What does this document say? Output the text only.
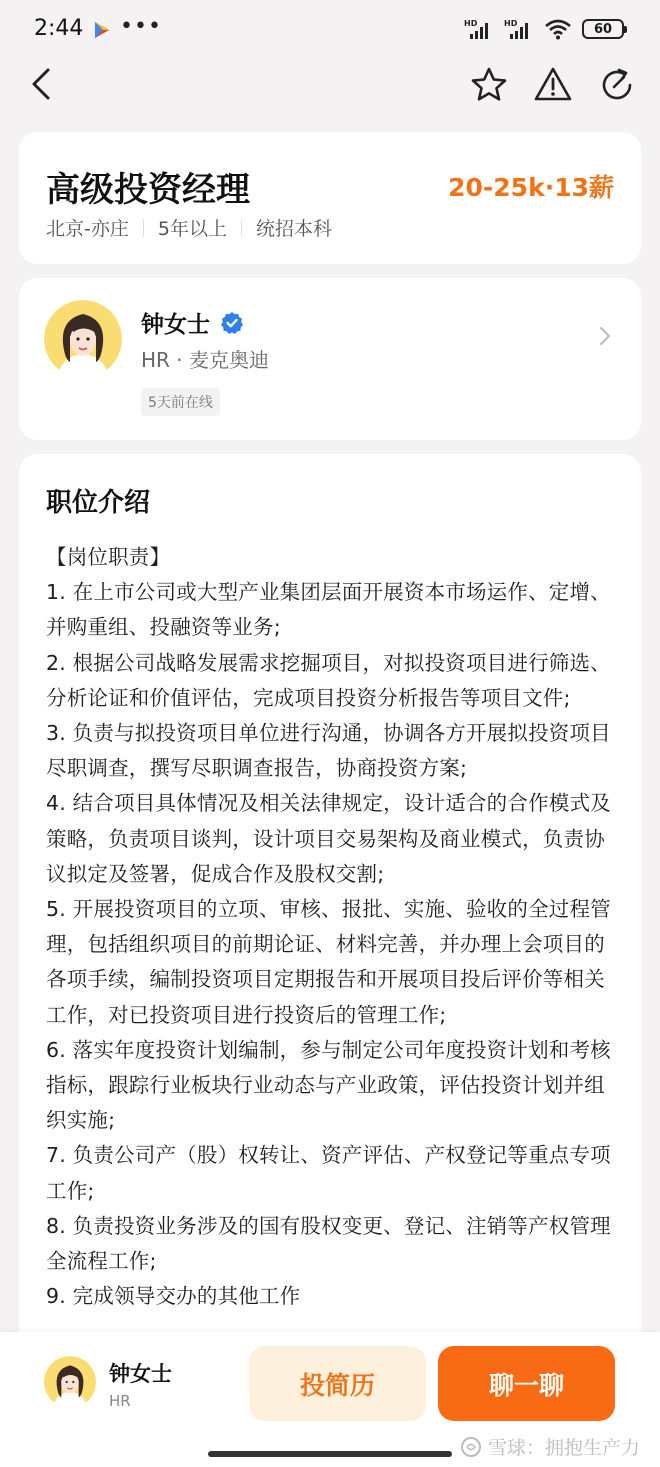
2:44 •••	HD	HD	60
高级投资经理	20-25k·13薪
北京-亦庄 5年以上 统招本科
钟女士
HR · 麦克奥迪
5天前在线
职位介绍

【岗位职责】

1. 在上市公司或大型产业集团层面开展资本市场运作、定增、并购重组、投融资等业务;

2. 根据公司战略发展需求挖掘项目，对拟投资项目进行筛选、分析论证和价值评估，完成项目投资分析报告等项目文件;

3. 负责与拟投资项目单位进行沟通，协调各方开展拟投资项目尽职调查，撰写尽职调查报告，协商投资方案;

4. 结合项目具体情况及相关法律规定，设计适合的合作模式及策略，负责项目谈判，设计项目交易架构及商业模式，负责协议拟定及签署，促成合作及股权交割;

5. 开展投资项目的立项、审核、报批、实施、验收的全过程管理，包括组织项目的前期论证、材料完善，并办理上会项目的各项手续，编制投资项目定期报告和开展项目投后评价等相关工作，对已投资项目进行投资后的管理工作;

6. 落实年度投资计划编制，参与制定公司年度投资计划和考核指标，跟踪行业板块行业动态与产业政策，评估投资计划并组织实施;

7. 负责公司产（股）权转让、资产评估、产权登记等重点专项工作;

8. 负责投资业务涉及的国有股权变更、登记、注销等产权管理全流程工作;

9. 完成领导交办的其他工作

钟女士
HR
投简历	聊一聊
雪球：拥抱生产力
